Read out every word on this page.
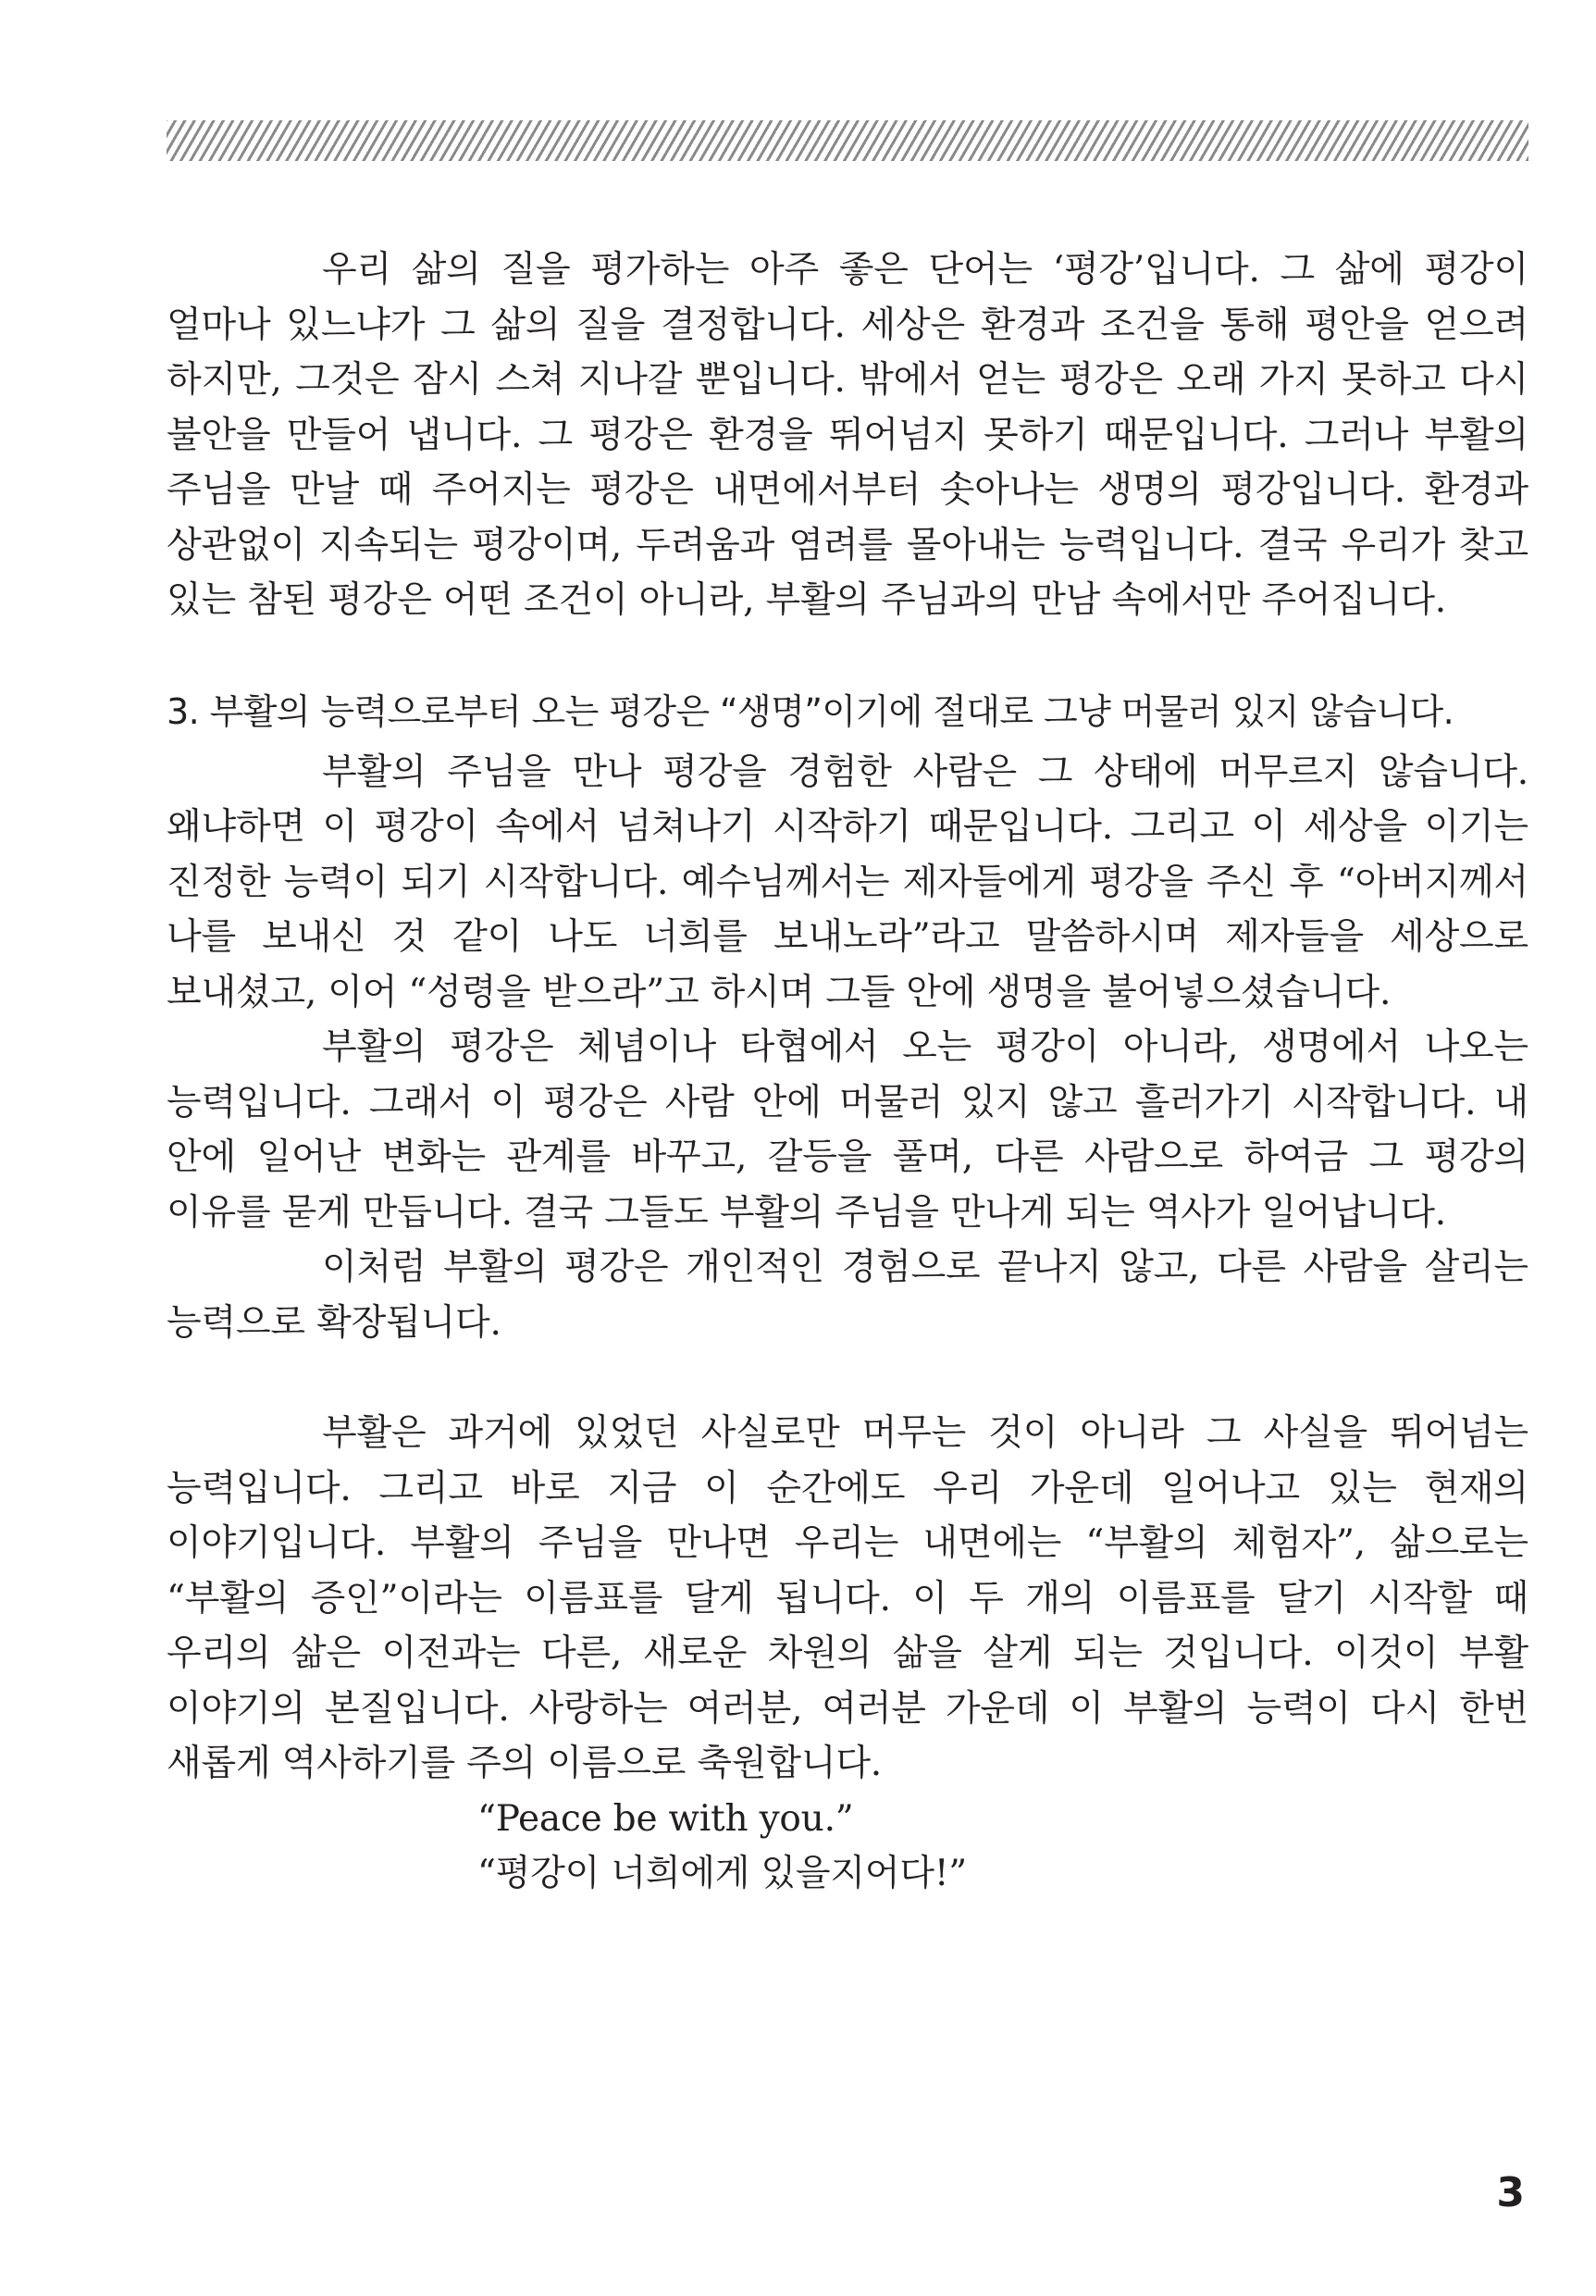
우리 삶의 질을 평가하는 아주 좋은 단어는 ‘평강’입니다. 그 삶에 평강이 얼마나 있느냐가 그 삶의 질을 결정합니다. 세상은 환경과 조건을 통해 평안을 얻으려 하지만, 그것은 잠시 스쳐 지나갈 뿐입니다. 밖에서 얻는 평강은 오래 가지 못하고 다시 불안을 만들어 냅니다. 그 평강은 환경을 뛰어넘지 못하기 때문입니다. 그러나 부활의 주님을 만날 때 주어지는 평강은 내면에서부터 솟아나는 생명의 평강입니다. 환경과 상관없이 지속되는 평강이며, 두려움과 염려를 몰아내는 능력입니다. 결국 우리가 찾고 있는 참된 평강은 어떤 조건이 아니라, 부활의 주님과의 만남 속에서만 주어집니다.

3. 부활의 능력으로부터 오는 평강은 “생명”이기에 절대로 그냥 머물러 있지 않습니다.

부활의 주님을 만나 평강을 경험한 사람은 그 상태에 머무르지 않습니다. 왜냐하면 이 평강이 속에서 넘쳐나기 시작하기 때문입니다. 그리고 이 세상을 이기는 진정한 능력이 되기 시작합니다. 예수님께서는 제자들에게 평강을 주신 후 “아버지께서 나를 보내신 것 같이 나도 너희를 보내노라”라고 말씀하시며 제자들을 세상으로 보내셨고, 이어 “성령을 받으라”고 하시며 그들 안에 생명을 불어넣으셨습니다.

부활의 평강은 체념이나 타협에서 오는 평강이 아니라, 생명에서 나오는 능력입니다. 그래서 이 평강은 사람 안에 머물러 있지 않고 흘러가기 시작합니다. 내 안에 일어난 변화는 관계를 바꾸고, 갈등을 풀며, 다른 사람으로 하여금 그 평강의 이유를 묻게 만듭니다. 결국 그들도 부활의 주님을 만나게 되는 역사가 일어납니다.

이처럼 부활의 평강은 개인적인 경험으로 끝나지 않고, 다른 사람을 살리는 능력으로 확장됩니다.

부활은 과거에 있었던 사실로만 머무는 것이 아니라 그 사실을 뛰어넘는 능력입니다. 그리고 바로 지금 이 순간에도 우리 가운데 일어나고 있는 현재의 이야기입니다. 부활의 주님을 만나면 우리는 내면에는 “부활의 체험자”, 삶으로는 “부활의 증인”이라는 이름표를 달게 됩니다. 이 두 개의 이름표를 달기 시작할 때 우리의 삶은 이전과는 다른, 새로운 차원의 삶을 살게 되는 것입니다. 이것이 부활 이야기의 본질입니다. 사랑하는 여러분, 여러분 가운데 이 부활의 능력이 다시 한번 새롭게 역사하기를 주의 이름으로 축원합니다.

“Peace be with you.”

“평강이 너희에게 있을지어다!”

3
